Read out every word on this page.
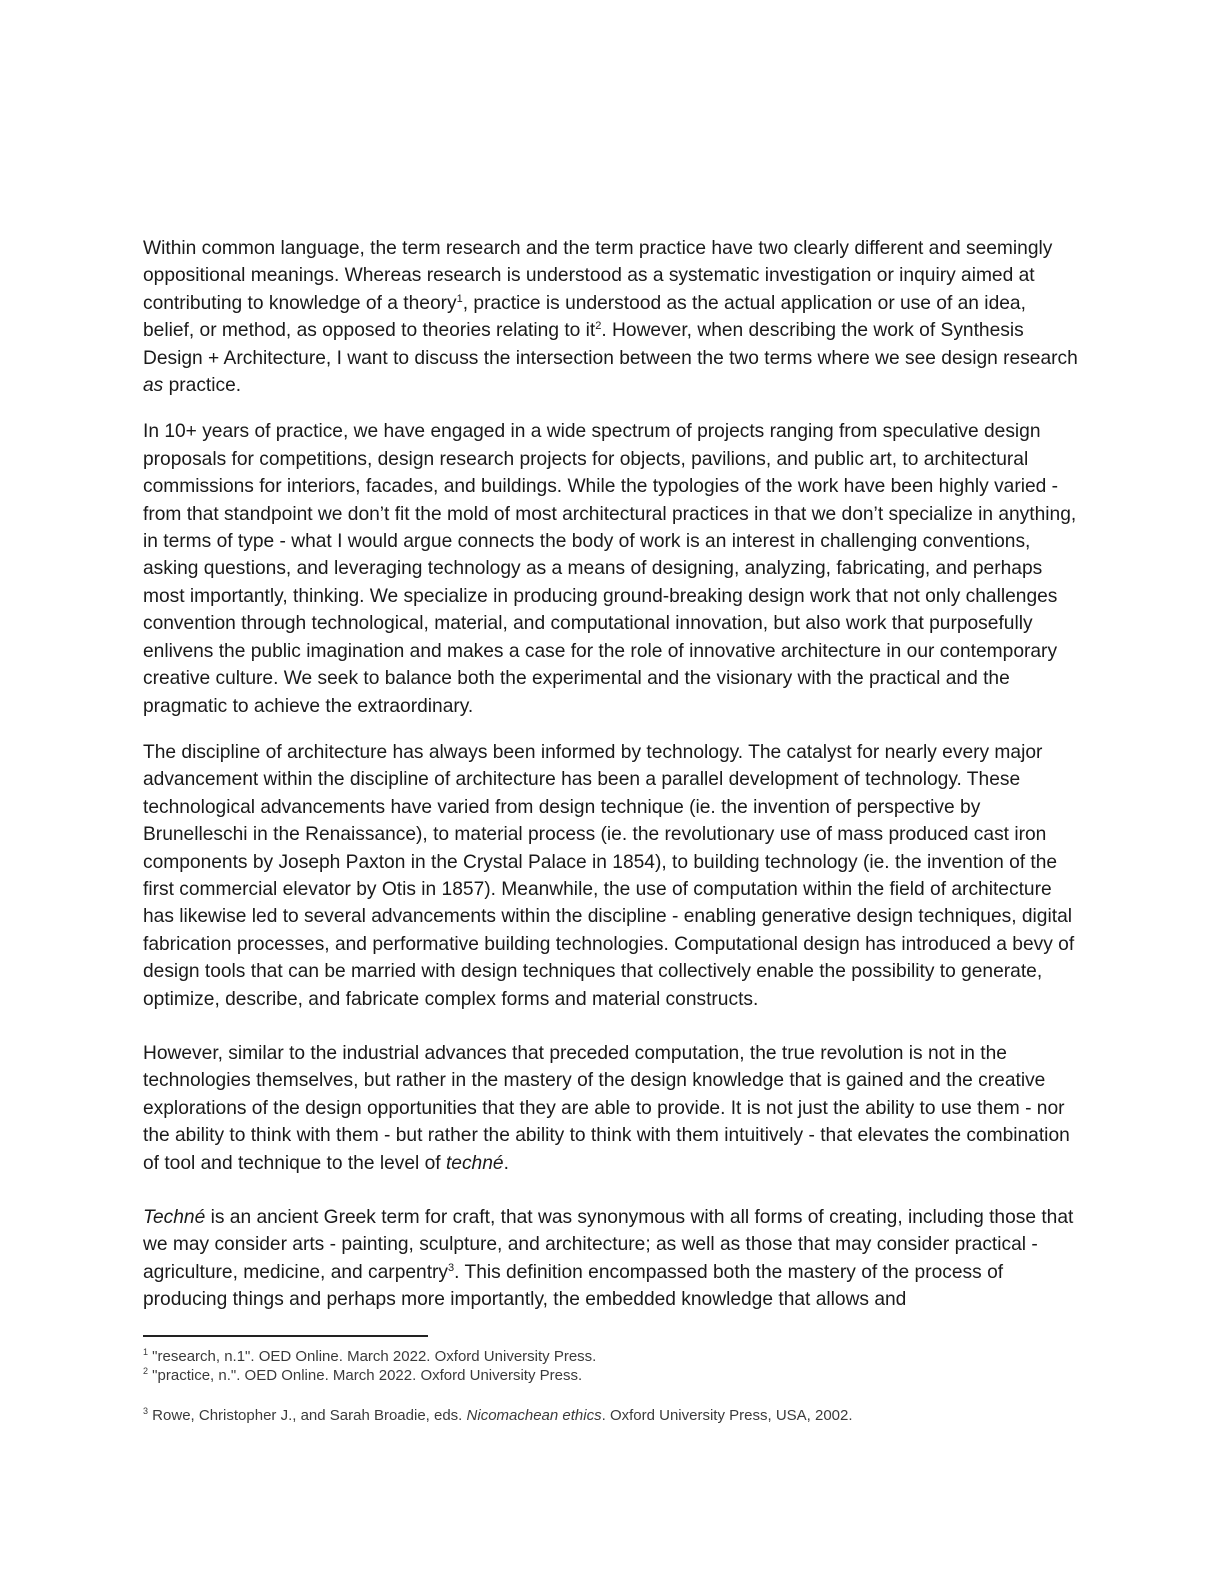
Within common language, the term research and the term practice have two clearly different and seemingly oppositional meanings. Whereas research is understood as a systematic investigation or inquiry aimed at contributing to knowledge of a theory$^1$, practice is understood as the actual application or use of an idea, belief, or method, as opposed to theories relating to $it^2$. However, when describing the work of Synthesis Design + Architecture, I want to discuss the intersection between the two terms where we see design research as practice.

In 10+ years of practice, we have engaged in a wide spectrum of projects ranging from speculative design proposals for competitions, design research projects for objects, pavilions, and public art, to architectural commissions for interiors, facades, and buildings. While the typologies of the work have been highly varied - from that standpoint we don’t fit the mold of most architectural practices in that we don’t specialize in anything, in terms of type - what I would argue connects the body of work is an interest in challenging conventions, asking questions, and leveraging technology as a means of designing, analyzing, fabricating, and perhaps most importantly, thinking. We specialize in producing ground-breaking design work that not only challenges convention through technological, material, and computational innovation, but also work that purposefully enlivens the public imagination and makes a case for the role of innovative architecture in our contemporary creative culture. We seek to balance both the experimental and the visionary with the practical and the pragmatic to achieve the extraordinary.

The discipline of architecture has always been informed by technology. The catalyst for nearly every major advancement within the discipline of architecture has been a parallel development of technology. These technological advancements have varied from design technique (ie. the invention of perspective by Brunelleschi in the Renaissance), to material process (ie. the revolutionary use of mass produced cast iron components by Joseph Paxton in the Crystal Palace in 1854), to building technology (ie. the invention of the first commercial elevator by Otis in 1857). Meanwhile, the use of computation within the field of architecture has likewise led to several advancements within the discipline - enabling generative design techniques, digital fabrication processes, and performative building technologies. Computational design has introduced a bevy of design tools that can be married with design techniques that collectively enable the possibility to generate, optimize, describe, and fabricate complex forms and material constructs.

However, similar to the industrial advances that preceded computation, the true revolution is not in the technologies themselves, but rather in the mastery of the design knowledge that is gained and the creative explorations of the design opportunities that they are able to provide. It is not just the ability to use them - nor the ability to think with them - but rather the ability to think with them intuitively - that elevates the combination of tool and technique to the level of techné.

Techné is an ancient Greek term for craft, that was synonymous with all forms of creating, including those that we may consider arts - painting, sculpture, and architecture; as well as those that may consider practical - agriculture, medicine, and carpentry$^3$. This definition encompassed both the mastery of the process of producing things and perhaps more importantly, the embedded knowledge that allows and

$^1$ "research, n.1". OED Online. March 2022. Oxford University Press.

$^2$ "practice, n.". OED Online. March 2022. Oxford University Press.

$^3$ Rowe, Christopher J., and Sarah Broadie, eds. Nicomachean ethics. Oxford University Press, USA, 2002.
